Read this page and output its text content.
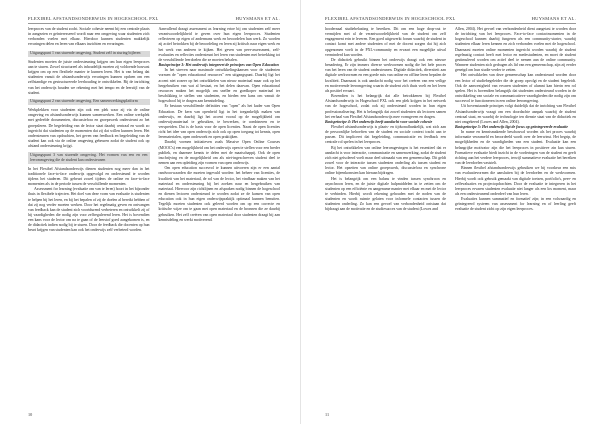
FLEXIBEL AFSTANDSONDERWIJS IN HOGESCHOOL PXL	HUYSMANS ET AL.

leerproces van de student zocht. Sociale cohesie neemt bij een centrale plaats in aangezien er geïnteresseerd wordt naar een omgeving waar studenten zich verbonden voelen met elkaar. Hierdoor kunnen studenten makkelijk ervaringen delen en leren van elkaars inzichten en ervaringen.

Uitgangspunt 1 van sturende omgeving. Student zelf in sturing bijleren

Studenten moeten de juiste ondersteuning krijgen om hun eigen leerproces aan te sturen. Zowel structureel als inhoudelijk moeten zij voldoende houvast krijgen om op een flexibele manier te kunnen leren. Het is van belang dat studenten vanuit de afstandsonderwijs ervaringen kunnen opdoen om een zelfstandige en gestructureerde leerhouding te ontwikkelen. Bij de inrichting van het onderwijs houden we rekening met het tempo en de leerstijl van de student.

Uitgangspunt 2 van sturende omgeving. Een samenwerkingsplatform

Werkplekken voor studenten zijn ook een plek waar zij via de online omgeving en afstandsonderwijs kunnen samenwerken. Een online werkplek met gedeelde documenten, discussiefora en groepswerk ondersteunt zo het groepsleren. De begeleiding van de lector staat daarbij centraal en wordt zo ingericht dat studenten op de momenten dat zij dat willen kunnen leren. Het ondersteunen van opdrachten, het geven van feedback en begeleiding van de student kan ook via de online omgeving gebeuren zodat de student ook op afstand ondersteuning krijgt.

Uitgangspunt 3 van sturende omgeving. Het vormen van een en een leerommgeving die de student kan ondersteunen

In het Flexibel Afstandsonderwijs dienen studenten nog meer dan in het traditionele face-to-face onderwijs opgevolgd en ondersteund te worden tijdens het studeren. Dit gebeurt zowel tijdens de online en face-to-face momenten als in de periode tussen de verschillende momenten.

Assessment for learning (evaluatie om van te leren) hoort in het bijzonder thuis in flexibele trajecten. Het doel van deze vorm van evaluatie is studenten te helpen bij het leren, en bij het bepalen of zij de doelen al bereikt hebben of dat zij nog verder moeten werken. Door het regelmatig geven en ontvangen van feedback kan de student zich voortdurend verbeteren en ontwikkelt zij of hij vaardigheden die nodig zijn voor zelfregulerend leren. Het is bovendien een kans voor de lector om na te gaan of de leerstof goed aangekomen is, en de didactiek indien nodig bij te sturen. Door de feedback die docenten op hun beurt krijgen van studenten kan ook het onderwijs zelf verbeterd worden.

Aanvullend draagt assessment as learning ertoe bij om studenten zelf meer verantwoordelijkheid te geven over hun eigen leerproces. Studenten reflecteren op eigen of andermans werk en beoordelen hun werk. Zo worden zij actief betrokken bij de beoordeling en leren zij kritisch naar eigen werk en het werk van anderen te kijken. Het geven van peer-assessment, zelf-evaluaties en reflecties ondersteunt het leren van studenten met betrekking tot de verschillende leerdoelen die ze moeten behalen.

Basisprincipe 3: Het onderwijs integreert de principes van Open Education

In het streven naar maximale ontwikkelingskansen voor de studenten vormen de "open educational resources" een uitgangspunt. Daarbij ligt het accent niet zozeer op het ontwikkelen van nieuw materiaal maar ook op het hergebruiken van wat al bestaat, en het delen daarvan. Open educational resources maken het mogelijk om sneller en goedkoper materiaal ter beschikking te stellen van studenten, en bieden een kans om vanuit de hogeschool bij te dragen aan kennisdeling.

Er bestaan verschillende definities van "open" als het kader van Open Education. De kern van openheid ligt in het toegankelijk maken van onderwijs, en daarbij ligt het accent vooral op de mogelijkheid om onderwijsmateriaal te gebruiken, te bewerken, te combineren en te verspreiden. Dat is de basis voor de open licenties. Naast de open licenties richt het idee van open onderwijs zich ook op open toegang tot kennis, open leermaterialen, open onderzoek en open praktijken.

Daarbij vormen initiatieven zoals Massive Open Online Courses (MOOC's) een mogelijkheid om het onderwijs open te stellen voor een breder publiek, en daarmee kennis te delen met de maatschappij. Ook de open inschrijving en de mogelijkheid om als niet-ingeschreven student deel te nemen aan een opleiding zijn vormen van open onderwijs.

Om open education succesvol te kunnen uitvoeren zijn er een aantal randvoorwaarden die moeten ingevuld worden: het beheer van licenties, de kwaliteit van het materiaal, de rol van de lector, het vindbaar maken van het materiaal en ondersteuning bij het zoeken naar en hergebruiken van materiaal. Hiervoor zijn richtlijnen en afspraken nodig binnen de hogeschool en dienen lectoren ondersteund te worden zodat ze de kansen van open education ook in hun eigen onderwijspraktijk optimaal kunnen benutten. Tegelijk moeten studenten ook geleerd worden om op een correcte en kritische wijze om te gaan met open materiaal en de bronnen die ze daarbij gebruiken. Het zelf creëren van open materiaal door studenten draagt bij aan kennisdeling en werkt motiverend.

10
FLEXIBEL AFSTANDSONDERWIJS IN HOGESCHOOL PXL	HUYSMANS ET AL.

hoodernaal studiebelasting te bereiken. Dit om een hoge drop-out te vermijden met al de verantwoordelijkheid van de student om zelf engagement erin te leveren. Een goed uitgewerkt forum waarbij de student in contact komt met andere studenten of met de docent zorgen dat hij zich opgenomen voelt in de PXL-community en ervaart een mogelijke uitval verminderd kan worden.

De didactiek gebruikt binnen het onderwijs draagt ook een nieuwe benadering. Er zijn immers diverse werkvormen nodig die het hele proces van het leren van de student ondersteunen. Digitale didactiek, diversiteit aan digitale werkvormen en een goede mix van online en offline leren bepalen de kwaliteit. Daarnaast is ook aandacht nodig voor het creëren van een veilige en motiverende leeromgeving waarin de student zich thuis voelt en het leren als positief ervaart.

Bovendien is het belangrijk dat alle betrokkenen bij Flexibel Afstandsonderwijs in Hogeschool PXL ook een plek krijgen in het netwerk van de hogeschool, zodat ook zij ondersteund worden in hun eigen professionalisering. Het is belangrijk dat zowel studenten als lectoren samen het verhaal van Flexibel Afstandsonderwijs mee vormgeven en dragen.

Basisprincipe 4: Het onderwijs heeft aandacht voor sociale cohesie

Flexibel afstandsonderwijs is plaats- en tijdsonafhankelijk, wat zich aan de persoonlijke behoeften van de student en sociale context tracht aan te passen. Dit impliceert dat begeleiding, communicatie en feedback een centrale rol spelen in het leerproces.

Bij het ontwikkelen van online leeromgevingen is het essentieel dat er aandacht is voor interactie, communicatie en samenwerking, zodat de student zich niet geïsoleerd voelt maar deel uitmaakt van een gemeenschap. Dit geldt zowel voor de interactie tussen studenten onderling als tussen student en lector. Het opzetten van online groepswerk, discussiefora en synchrone online bijeenkomsten kan hieraan bijdragen.

Het is belangrijk om een balans te vinden tussen synchroon en asynchroon leren, en de juiste digitale hulpmiddelen in te zetten om de studenten op een efficiënte en aangename manier met elkaar en met de lector te verbinden. Hierbij wordt rekening gehouden met de noden van de studenten en wordt ruimte gelaten voor informele contacten tussen de studenten onderling. Zo kan een gevoel van verbondenheid ontstaan dat bijdraagt aan de motivatie en de studiesucces van de student (Lowes and

Allen, 2004). Het gevoel van verbondenheid dient aangetast te worden door de inrichting van het leerproces. Face-to-face contactmomenten in de hogeschool kunnen daarbij fungeren als een community-starter, waarbij studenten elkaar leren kennen en zich verbonden voelen met de hogeschool. Daarnaast moeten online momenten ingericht worden waarbij de student regelmatig contact heeft met lector en medestudenten, en moet de student gestimuleerd worden om actief deel te nemen aan de online community. Wanneer studenten zich gedragen als lid van een gemeenschap, zijn zij eerder geneigd om hun studie verder te zetten.

Het ontwikkelen van deze gemeenschap kan ondersteund worden door een lector of studiebegeleider die de groep opvolgt en de student begeleidt. Ook de aanwezigheid van ervaren studenten of alumni kan hierin een rol spelen. Het is bovendien belangrijk dat studenten ondersteund worden in de ontwikkeling van sociale en communicatieve vaardigheden die nodig zijn om succesvol te functioneren in een online leeromgeving.

Uit bovenstaande principes volgt duidelijk dat de inrichting van Flexibel Afstandsonderwijs vraagt om een doordachte aanpak waarbij de student centraal staat, en waarbij de technologie ten dienste staat van de didactiek en niet omgekeerd (Lowes and Allen, 2004).

Basisprincipe 5: Het onderwijs ligt de focus op geïntegreerde evaluatie

In nume en kennismakende beschouwd worden als het proces waarbij informatie verzameld en beoordeeld wordt over de leerwinst. Het begrip, de mogelijkheden en de vaardigheden van een student. Evaluatie kan een belangrijke motivator zijn die het leerproces in positieve zin kan sturen. Formatieve evaluatie biedt inzicht in de vorderingen van de student en geeft richting aan het verdere leerproces, terwijl summatieve evaluatie het bereiken van de leerdoelen vaststelt.

Binnen flexibel afstandsonderwijs gebruiken we bij voorkeur een mix van evaluatievormen die aansluiten bij de leerdoelen en de werkvormen. Hierbij wordt ook gebruik gemaakt van digitale toetsen, portfolio's, peer- en zelfevaluaties en projectopdrachten. Door de evaluatie te integreren in het leerproces ervaren studenten evaluatie niet langer als een los moment, maar als een ondersteunend onderdeel van hun leren.

Evaluaties kunnen summatief en formatief zijn; in een volwaardig en geïntegreerd systeem van assessment for learning en of leerling geeft evaluatie de student zicht op zijn eigen leerproces.

11
